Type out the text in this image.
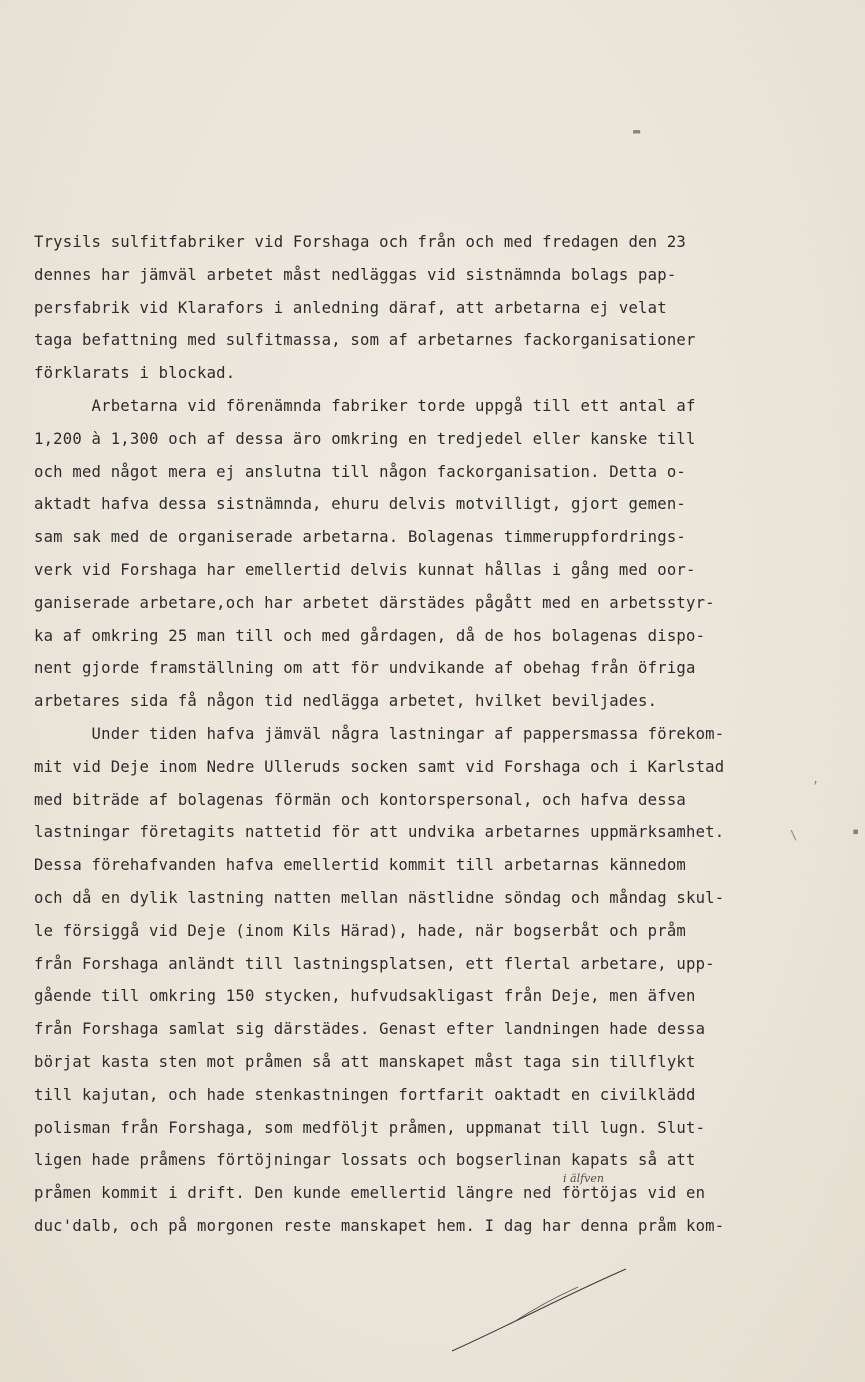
▬
Trysils sulfitfabriker vid Forshaga och från och med fredagen den 23
dennes har jämväl arbetet måst nedläggas vid sistnämnda bolags pap-
persfabrik vid Klarafors i anledning däraf, att arbetarna ej velat
taga befattning med sulfitmassa, som af arbetarnes fackorganisationer
förklarats i blockad.
Arbetarna vid förenämnda fabriker torde uppgå till ett antal af
1,200 à 1,300 och af dessa äro omkring en tredjedel eller kanske till
och med något mera ej anslutna till någon fackorganisation. Detta o-
aktadt hafva dessa sistnämnda, ehuru delvis motvilligt, gjort gemen-
sam sak med de organiserade arbetarna. Bolagenas timmeruppfordrings-
verk vid Forshaga har emellertid delvis kunnat hållas i gång med oor-
ganiserade arbetare,och har arbetet därstädes pågått med en arbetsstyr-
ka af omkring 25 man till och med gårdagen, då de hos bolagenas dispo-
nent gjorde framställning om att för undvikande af obehag från öfriga
arbetares sida få någon tid nedlägga arbetet, hvilket beviljades.
Under tiden hafva jämväl några lastningar af pappersmassa förekom-
mit vid Deje inom Nedre Ulleruds socken samt vid Forshaga och i Karlstad
med biträde af bolagenas förmän och kontorspersonal, och hafva dessa
lastningar företagits nattetid för att undvika arbetarnes uppmärksamhet.
Dessa förehafvanden hafva emellertid kommit till arbetarnas kännedom
och då en dylik lastning natten mellan nästlidne söndag och måndag skul-
le försiggå vid Deje (inom Kils Härad), hade, när bogserbåt och pråm
från Forshaga anländt till lastningsplatsen, ett flertal arbetare, upp-
gående till omkring 150 stycken, hufvudsakligast från Deje, men äfven
från Forshaga samlat sig därstädes. Genast efter landningen hade dessa
börjat kasta sten mot pråmen så att manskapet måst taga sin tillflykt
till kajutan, och hade stenkastningen fortfarit oaktadt en civilklädd
polisman från Forshaga, som medföljt pråmen, uppmanat till lugn. Slut-
ligen hade pråmens förtöjningar lossats och bogserlinan kapats så att
pråmen kommit i drift. Den kunde emellertid längre ned förtöjas vid en
duc'dalb, och på morgonen reste manskapet hem. I dag har denna pråm kom-
i älfven
\	▪
,
